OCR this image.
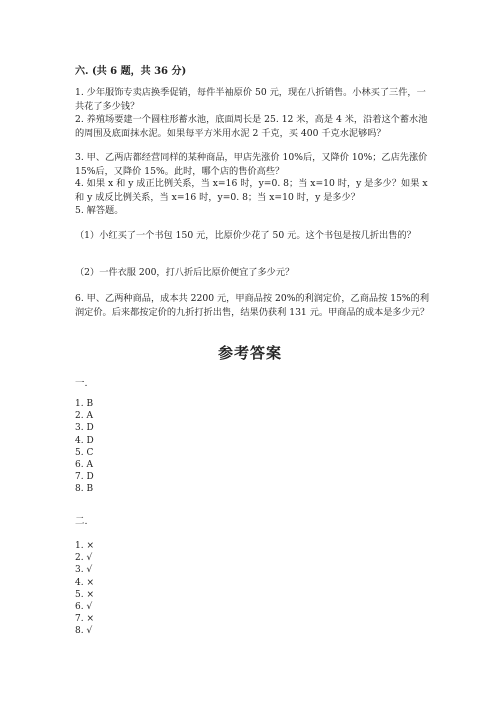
六. (共 6 题，共 36 分)
1. 少年服饰专卖店换季促销，每件半袖原价 50 元，现在八折销售。小林买了三件，一共花了多少钱？
2. 养殖场要建一个圆柱形蓄水池，底面周长是 25. 12 米，高是 4 米，沿着这个蓄水池的周围及底面抹水泥。如果每平方米用水泥 2 千克，买 400 千克水泥够吗？
3. 甲、乙两店都经营同样的某种商品，甲店先涨价 10%后，又降价 10%；乙店先涨价 15%后，又降价 15%。此时，哪个店的售价高些？
4. 如果 x 和 y 成正比例关系，当 x=16 时，y=0. 8；当 x=10 时，y 是多少？如果 x 和 y 成反比例关系，当 x=16 时，y=0. 8；当 x=10 时，y 是多少？
5. 解答题。
（1）小红买了一个书包 150 元，比原价少花了 50 元。这个书包是按几折出售的？
（2）一件衣服 200，打八折后比原价便宜了多少元？
6. 甲、乙两种商品，成本共 2200 元，甲商品按 20%的利润定价，乙商品按 15%的利润定价。后来都按定价的九折打折出售，结果仍获利 131 元。甲商品的成本是多少元？
参考答案
一.
1. B
2. A
3. D
4. D
5. C
6. A
7. D
8. B
二.
1. ×
2. √
3. √
4. ×
5. ×
6. √
7. ×
8. √
